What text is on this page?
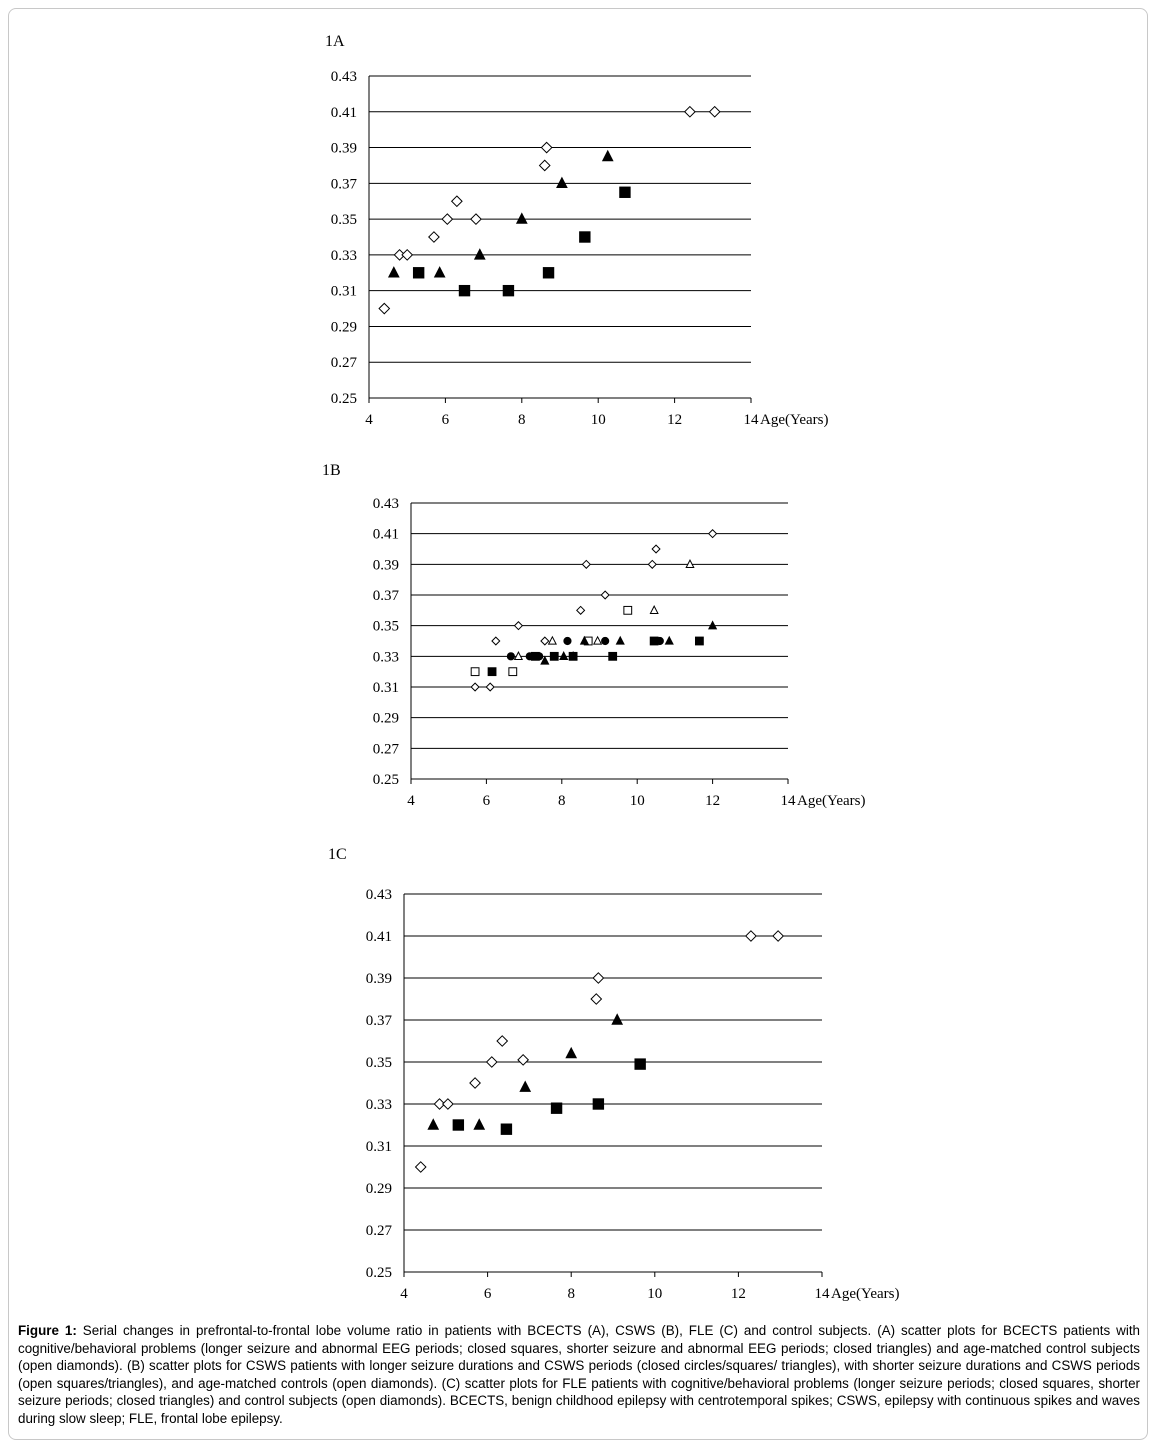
1A
0.43
0.41
0.39
0.37
0.35
0.33
0.31
0.29
0.27
0.25
4	6	8	10	12	14 Age(Years)
1B
0.43
0.41
0.39
0.37
0.35
0.33
0.31
0.29
0.27
0.25
4	6	8	10	12	14 Age(Years)
1C
0.43
0.41
0.39
0.37
0.35
0.33
0.31
0.29
0.27
0.25
4	6	8	10	12	14 Age(Years)
Figure 1: Serial changes in prefrontal-to-frontal lobe volume ratio in patients with BCECTS (A), CSWS (B), FLE (C) and control subjects. (A) scatter plots for BCECTS patients with cognitive/behavioral problems (longer seizure and abnormal EEG periods; closed squares, shorter seizure and abnormal EEG periods; closed triangles) and age-matched control subjects (open diamonds). (B) scatter plots for CSWS patients with longer seizure durations and CSWS periods (closed circles/squares/ triangles), with shorter seizure durations and CSWS periods (open squares/triangles), and age-matched controls (open diamonds). (C) scatter plots for FLE patients with cognitive/behavioral problems (longer seizure periods; closed squares, shorter seizure periods; closed triangles) and control subjects (open diamonds). BCECTS, benign childhood epilepsy with centrotemporal spikes; CSWS, epilepsy with continuous spikes and waves during slow sleep; FLE, frontal lobe epilepsy.
